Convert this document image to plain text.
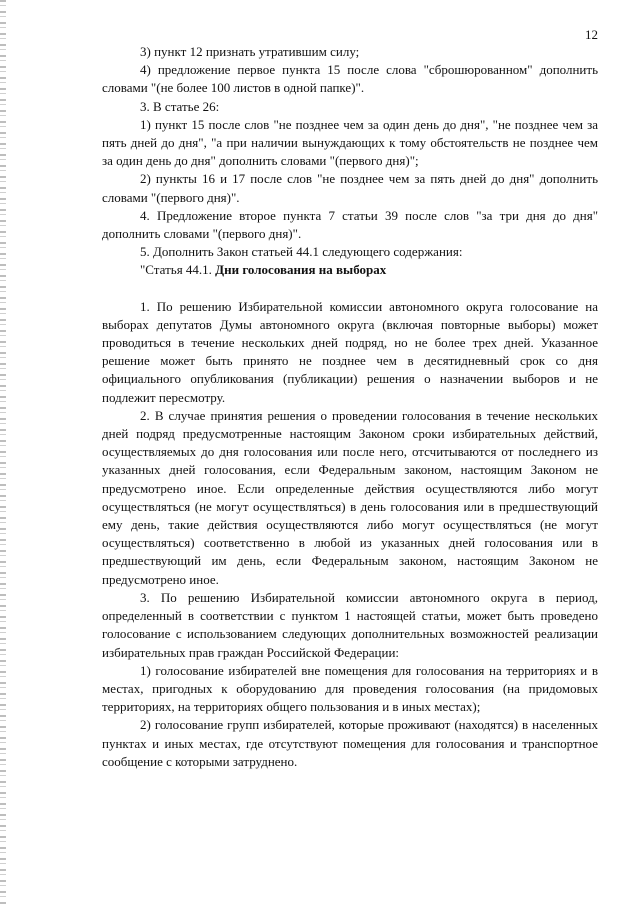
12

3) пункт 12 признать утратившим силу;

4) предложение первое пункта 15 после слова "сброшюрованном" дополнить словами "(не более 100 листов в одной папке)".

3. В статье 26:

1) пункт 15 после слов "не позднее чем за один день до дня", "не позднее чем за пять дней до дня", "а при наличии вынуждающих к тому обстоятельств не позднее чем за один день до дня" дополнить словами "(первого дня)";

2) пункты 16 и 17 после слов "не позднее чем за пять дней до дня" дополнить словами "(первого дня)".

4. Предложение второе пункта 7 статьи 39 после слов "за три дня до дня" дополнить словами "(первого дня)".

5. Дополнить Закон статьей 44.1 следующего содержания:

"Статья 44.1. Дни голосования на выборах

1. По решению Избирательной комиссии автономного округа голосование на выборах депутатов Думы автономного округа (включая повторные выборы) может проводиться в течение нескольких дней подряд, но не более трех дней. Указанное решение может быть принято не позднее чем в десятидневный срок со дня официального опубликования (публикации) решения о назначении выборов и не подлежит пересмотру.

2. В случае принятия решения о проведении голосования в течение нескольких дней подряд предусмотренные настоящим Законом сроки избирательных действий, осуществляемых до дня голосования или после него, отсчитываются от последнего из указанных дней голосования, если Федеральным законом, настоящим Законом не предусмотрено иное. Если определенные действия осуществляются либо могут осуществляться (не могут осуществляться) в день голосования или в предшествующий ему день, такие действия осуществляются либо могут осуществляться (не могут осуществляться) соответственно в любой из указанных дней голосования или в предшествующий им день, если Федеральным законом, настоящим Законом не предусмотрено иное.

3. По решению Избирательной комиссии автономного округа в период, определенный в соответствии с пунктом 1 настоящей статьи, может быть проведено голосование с использованием следующих дополнительных возможностей реализации избирательных прав граждан Российской Федерации:

1) голосование избирателей вне помещения для голосования на территориях и в местах, пригодных к оборудованию для проведения голосования (на придомовых территориях, на территориях общего пользования и в иных местах);

2) голосование групп избирателей, которые проживают (находятся) в населенных пунктах и иных местах, где отсутствуют помещения для голосования и транспортное сообщение с которыми затруднено.
